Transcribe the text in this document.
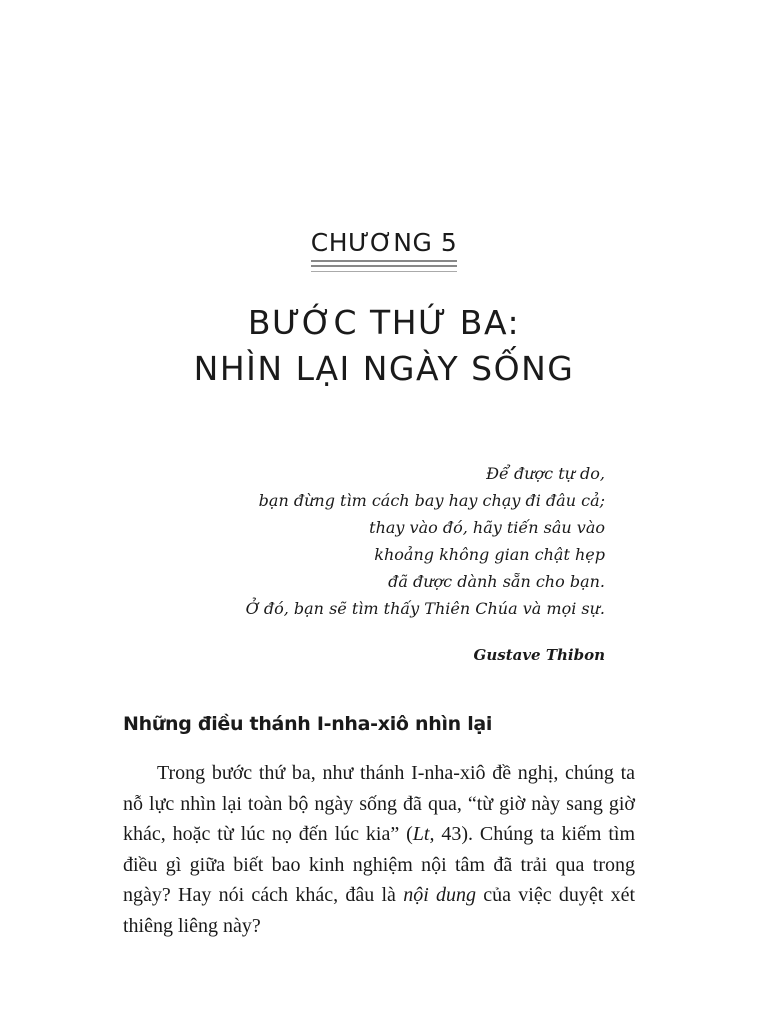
CHƯƠNG 5
BƯỚC THỨ BA:
NHÌN LẠI NGÀY SỐNG
Để được tự do,
bạn đừng tìm cách bay hay chạy đi đâu cả;
thay vào đó, hãy tiến sâu vào
khoảng không gian chật hẹp
đã được dành sẵn cho bạn.
Ở đó, bạn sẽ tìm thấy Thiên Chúa và mọi sự.
Gustave Thibon
Những điều thánh I-nha-xiô nhìn lại

Trong bước thứ ba, như thánh I-nha-xiô đề nghị, chúng ta nỗ lực nhìn lại toàn bộ ngày sống đã qua, “từ giờ này sang giờ khác, hoặc từ lúc nọ đến lúc kia” (Lt, 43). Chúng ta kiếm tìm điều gì giữa biết bao kinh nghiệm nội tâm đã trải qua trong ngày? Hay nói cách khác, đâu là nội dung của việc duyệt xét thiêng liêng này?
